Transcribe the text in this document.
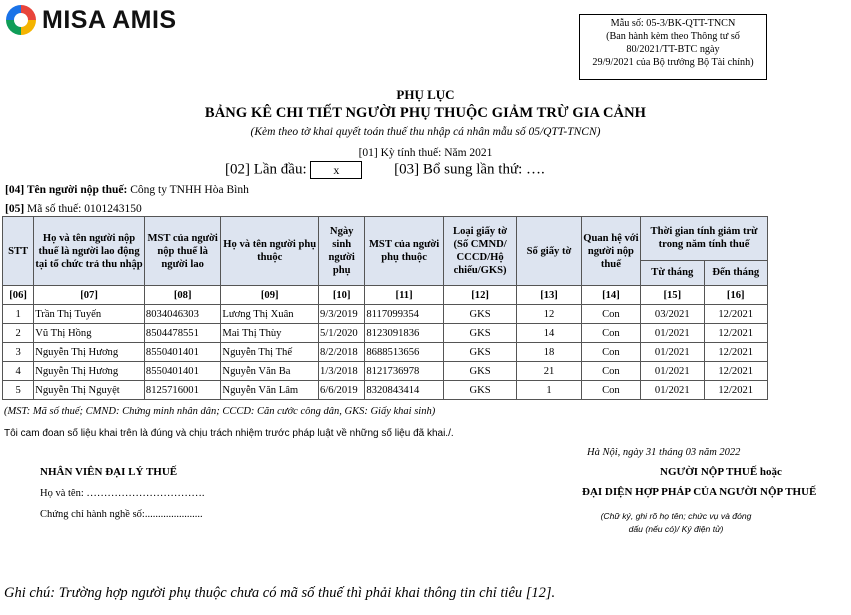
MISA AMIS	Mẫu số: 05-3/BK-QTT-TNCN
(Ban hành kèm theo Thông tư số
80/2021/TT-BTC ngày
29/9/2021 của Bộ trưởng Bộ Tài chính)
PHỤ LỤC
BẢNG KÊ CHI TIẾT NGƯỜI PHỤ THUỘC GIẢM TRỪ GIA CẢNH
(Kèm theo tờ khai quyết toán thuế thu nhập cá nhân mẫu số 05/QTT-TNCN)
[01] Kỳ tính thuế: Năm 2021
[02] Lần đầu: x	[03] Bổ sung lần thứ: ….
[04] Tên người nộp thuế: Công ty TNHH Hòa Bình
[05] Mã số thuế: 0101243150
STT	Họ và tên người nộp thuế là người lao động tại tổ chức trả thu nhập	MST của người nộp thuế là người lao	Họ và tên người phụ thuộc	Ngày sinh người phụ	MST của người phụ thuộc	Loại giấy tờ (Số CMND/ CCCD/Hộ chiếu/GKS)	Số giấy tờ	Quan hệ với người nộp thuế	Thời gian tính giảm trừ trong năm tính thuế	
									Từ tháng	Đến tháng
[06]	[07]	[08]	[09]	[10]	[11]	[12]	[13]	[14]	[15]	[16]
1	Trần Thị Tuyến	8034046303	Lương Thị Xuân	9/3/2019	8117099354	GKS	12	Con	03/2021	12/2021
2	Vũ Thị Hồng	8504478551	Mai Thị Thùy	5/1/2020	8123091836	GKS	14	Con	01/2021	12/2021
3	Nguyễn Thị Hương	8550401401	Nguyễn Thị Thế	8/2/2018	8688513656	GKS	18	Con	01/2021	12/2021
4	Nguyễn Thị Hương	8550401401	Nguyễn Văn Ba	1/3/2018	8121736978	GKS	21	Con	01/2021	12/2021
5	Nguyễn Thị Nguyệt	8125716001	Nguyễn Văn Lâm	6/6/2019	8320843414	GKS	1	Con	01/2021	12/2021
(MST: Mã số thuế; CMND: Chứng minh nhân dân; CCCD: Căn cước công dân, GKS: Giấy khai sinh)
Tôi cam đoan số liệu khai trên là đúng và chịu trách nhiệm trước pháp luật về những số liệu đã khai./.
Hà Nội, ngày 31 tháng 03 năm 2022
NHÂN VIÊN ĐẠI LÝ THUẾ
Họ và tên: …………………………….
Chứng chỉ hành nghề số:......................
NGƯỜI NỘP THUẾ hoặc
ĐẠI DIỆN HỢP PHÁP CỦA NGƯỜI NỘP THUẾ
(Chữ ký, ghi rõ họ tên; chức vụ và đóng
dấu (nếu có)/ Ký điện tử)
Ghi chú: Trường hợp người phụ thuộc chưa có mã số thuế thì phải khai thông tin chỉ tiêu [12].
